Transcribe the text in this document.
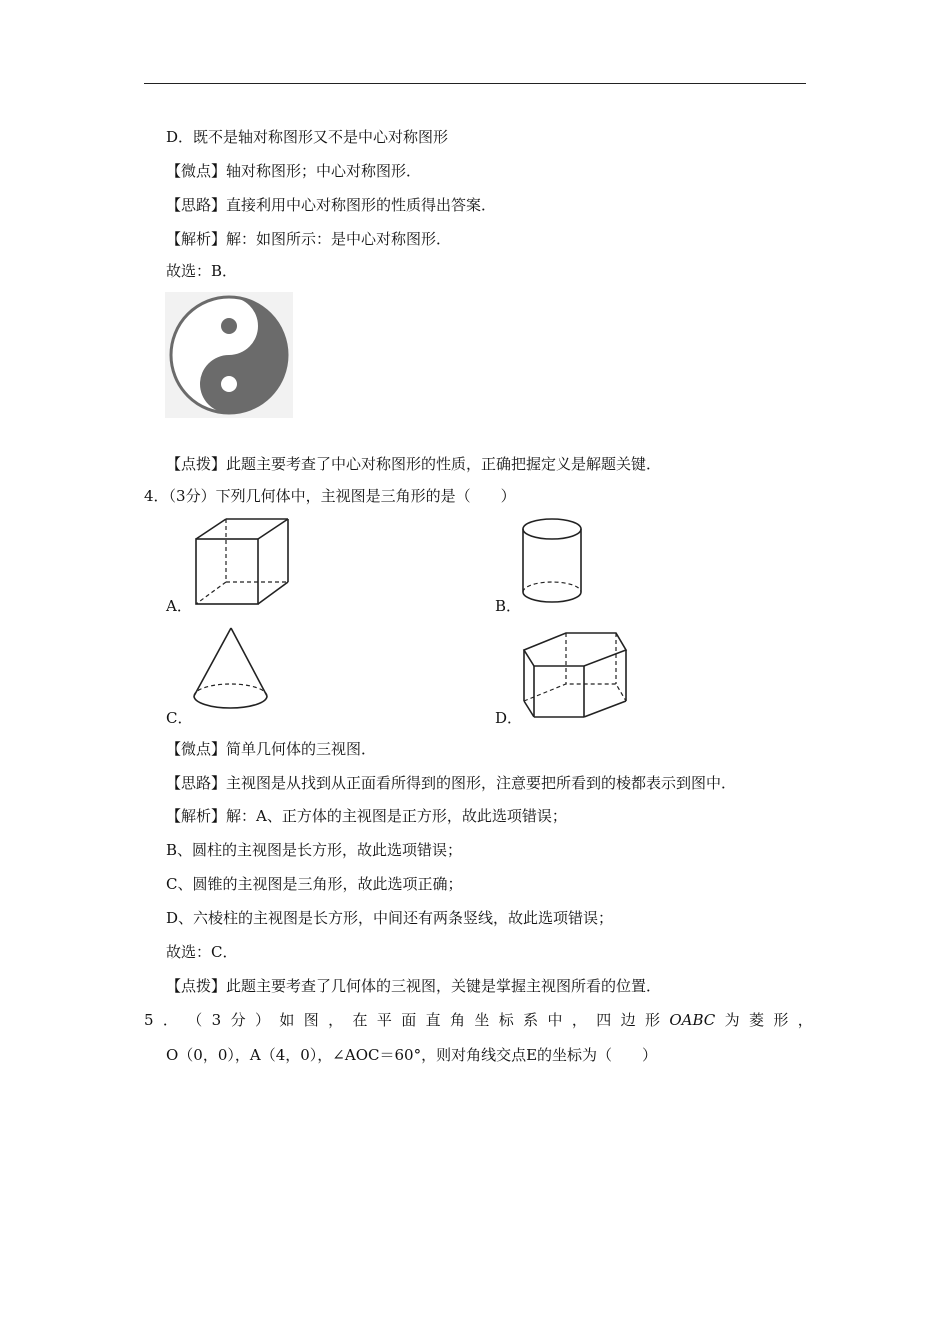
D．既不是轴对称图形又不是中心对称图形
【微点】轴对称图形；中心对称图形．
【思路】直接利用中心对称图形的性质得出答案．
【解析】解：如图所示：是中心对称图形．
故选：B．
【点拨】此题主要考查了中心对称图形的性质，正确把握定义是解题关键．
4．（3分）下列几何体中，主视图是三角形的是（　　）
A．	B．
C．	D．
【微点】简单几何体的三视图．
【思路】主视图是从找到从正面看所得到的图形，注意要把所看到的棱都表示到图中．
【解析】解：A、正方体的主视图是正方形，故此选项错误；
B、圆柱的主视图是长方形，故此选项错误；
C、圆锥的主视图是三角形，故此选项正确；
D、六棱柱的主视图是长方形，中间还有两条竖线，故此选项错误；
故选：C．
【点拨】此题主要考查了几何体的三视图，关键是掌握主视图所看的位置．
5 ． （ 3 分 ） 如 图 ， 在 平 面 直 角 坐 标 系 中 ， 四 边 形 OABC 为 菱 形 ，
O（0，0），A（4，0），∠AOC＝60°，则对角线交点E的坐标为（　　）
